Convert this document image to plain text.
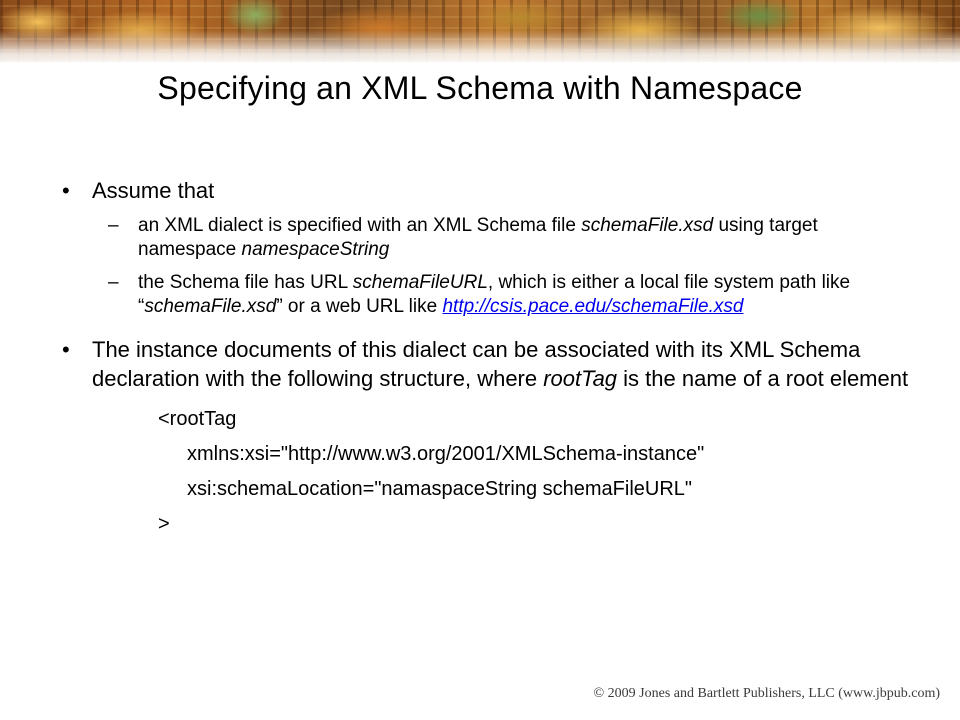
Specifying an XML Schema with Namespace
• Assume that
– an XML dialect is specified with an XML Schema file schemaFile.xsd using target namespace namespaceString
– the Schema file has URL schemaFileURL, which is either a local file system path like “schemaFile.xsd” or a web URL like http://csis.pace.edu/schemaFile.xsd
• The instance documents of this dialect can be associated with its XML Schema declaration with the following structure, where rootTag is the name of a root element
<rootTag
xmlns:xsi="http://www.w3.org/2001/XMLSchema-instance"
xsi:schemaLocation="namaspaceString schemaFileURL"
>
© 2009 Jones and Bartlett Publishers, LLC (www.jbpub.com)
